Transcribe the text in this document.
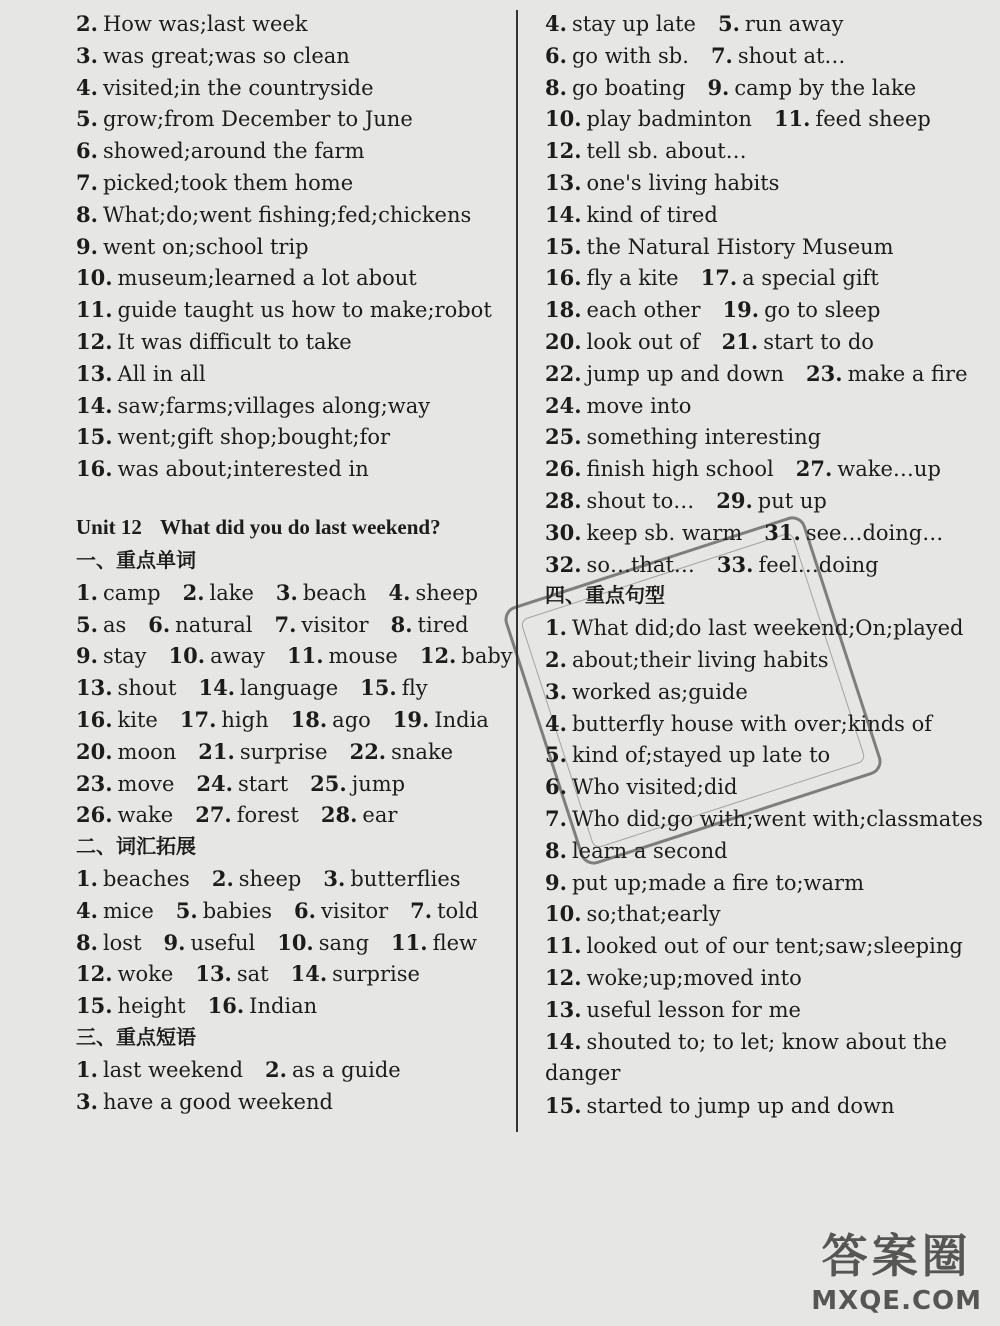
2. How was;last week
3. was great;was so clean
4. visited;in the countryside
5. grow;from December to June
6. showed;around the farm
7. picked;took them home
8. What;do;went fishing;fed;chickens
9. went on;school trip
10. museum;learned a lot about
11. guide taught us how to make;robot
12. It was difficult to take
13. All in all
14. saw;farms;villages along;way
15. went;gift shop;bought;for
16. was about;interested in
Unit 12 What did you do last weekend?
一、重点单词
1. camp 2. lake 3. beach 4. sheep
5. as 6. natural 7. visitor 8. tired
9. stay 10. away 11. mouse 12. baby
13. shout 14. language 15. fly
16. kite 17. high 18. ago 19. India
20. moon 21. surprise 22. snake
23. move 24. start 25. jump
26. wake 27. forest 28. ear
二、词汇拓展
1. beaches 2. sheep 3. butterflies
4. mice 5. babies 6. visitor 7. told
8. lost 9. useful 10. sang 11. flew
12. woke 13. sat 14. surprise
15. height 16. Indian
三、重点短语
1. last weekend 2. as a guide
3. have a good weekend
4. stay up late 5. run away
6. go with sb. 7. shout at…
8. go boating 9. camp by the lake
10. play badminton 11. feed sheep
12. tell sb. about…
13. one's living habits
14. kind of tired
15. the Natural History Museum
16. fly a kite 17. a special gift
18. each other 19. go to sleep
20. look out of 21. start to do
22. jump up and down 23. make a fire
24. move into
25. something interesting
26. finish high school 27. wake…up
28. shout to… 29. put up
30. keep sb. warm 31. see…doing…
32. so…that… 33. feel…doing
四、重点句型
1. What did;do last weekend;On;played
2. about;their living habits
3. worked as;guide
4. butterfly house with over;kinds of
5. kind of;stayed up late to
6. Who visited;did
7. Who did;go with;went with;classmates
8. learn a second
9. put up;made a fire to;warm
10. so;that;early
11. looked out of our tent;saw;sleeping
12. woke;up;moved into
13. useful lesson for me
14. shouted to; to let; know about the danger
15. started to jump up and down
答案圈
MXQE.COM
